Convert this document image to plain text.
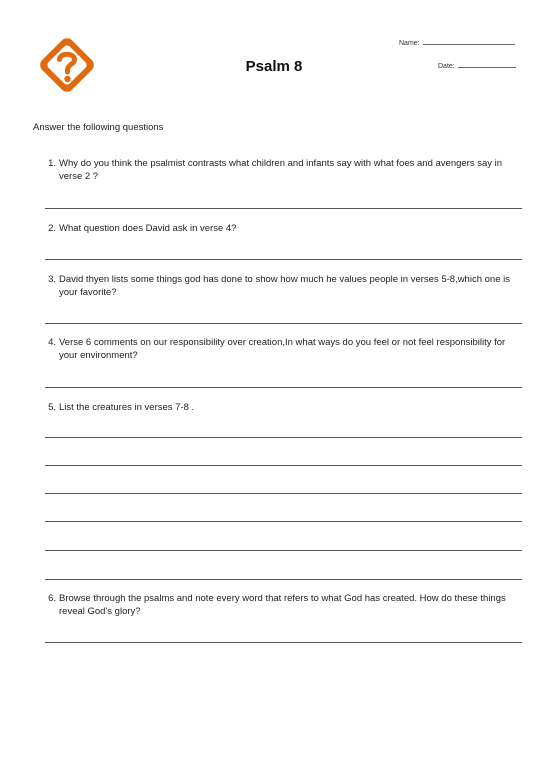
Psalm 8
Name:
Date:
Answer the following questions
1. Why do you think the psalmist contrasts what children and infants say with what foes and avengers say in verse 2 ?
2. What question does David ask in verse 4?
3. David thyen lists some things god has done to show how much he values people in verses 5-8,which one is your favorite?
4. Verse 6 comments on our responsibility over creation,In what ways do you feel or not feel responsibility for your environment?
5. List the creatures in verses 7-8 .
6. Browse through the psalms and note every word that refers to what God has created. How do these things reveal God's glory?
